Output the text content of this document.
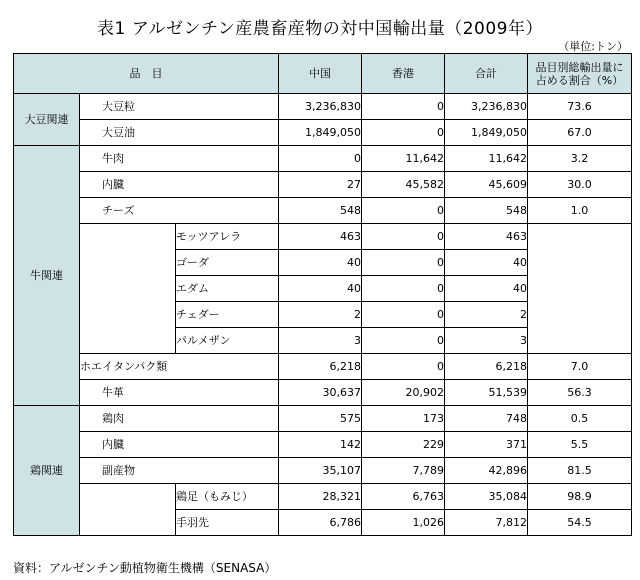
表1 アルゼンチン産農畜産物の対中国輸出量（2009年）
（単位:トン）
品　目			中国	香港	合計	品目別総輸出量に占める割合（%）
大豆関連	大豆粒		3,236,830	0	3,236,830	73.6
	大豆油		1,849,050	0	1,849,050	67.0
牛関連	牛肉		0	11,642	11,642	3.2
	内臓		27	45,582	45,609	30.0
	チーズ		548	0	548	1.0
		モッツアレラ	463	0	463	
		ゴーダ	40	0	40	
		エダム	40	0	40	
		チェダー	2	0	2	
		パルメザン	3	0	3	
	ホエイタンパク類		6,218	0	6,218	7.0
	牛革		30,637	20,902	51,539	56.3
鶏関連	鶏肉		575	173	748	0.5
	内臓		142	229	371	5.5
	副産物		35,107	7,789	42,896	81.5
		鶏足（もみじ）	28,321	6,763	35,084	98.9
		手羽先	6,786	1,026	7,812	54.5
資料：アルゼンチン動植物衛生機構（SENASA）
